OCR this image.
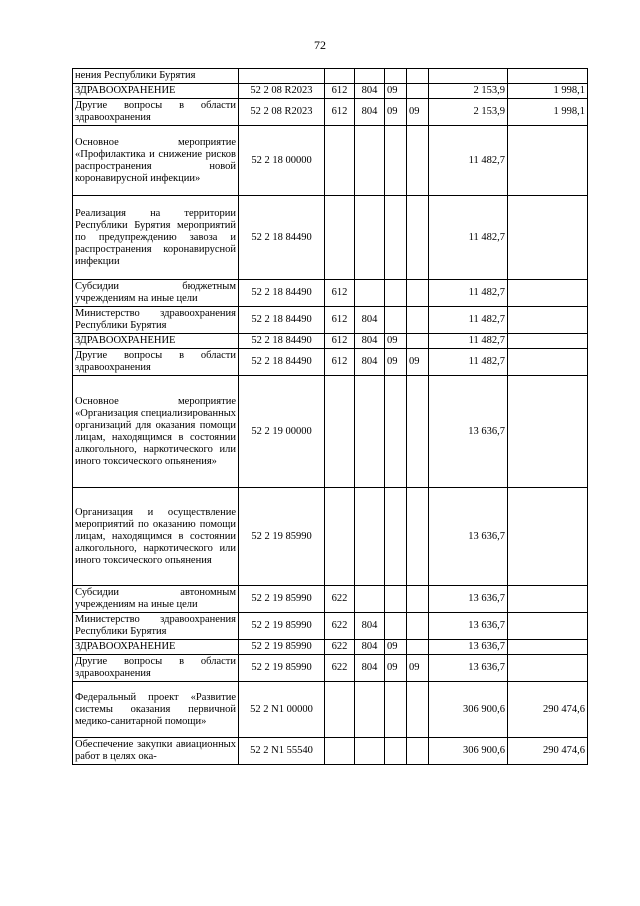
72
нения Республики Бурятия							
ЗДРАВООХРАНЕНИЕ	52 2 08 R2023	612	804	09		2 153,9	1 998,1
Другие вопросы в области здравоохранения	52 2 08 R2023	612	804	09	09	2 153,9	1 998,1
Основное мероприятие «Профилактика и снижение рисков распространения новой коронавирусной инфекции»	52 2 18 00000					11 482,7	
Реализация на территории Республики Бурятия мероприятий по предупреждению завоза и распространения коронавирусной инфекции	52 2 18 84490					11 482,7	
Субсидии бюджетным учреждениям на иные цели	52 2 18 84490	612				11 482,7	
Министерство здравоохранения Республики Бурятия	52 2 18 84490	612	804			11 482,7	
ЗДРАВООХРАНЕНИЕ	52 2 18 84490	612	804	09		11 482,7	
Другие вопросы в области здравоохранения	52 2 18 84490	612	804	09	09	11 482,7	
Основное мероприятие «Организация специализированных организаций для оказания помощи лицам, находящимся в состоянии алкогольного, наркотического или иного токсического опьянения»	52 2 19 00000					13 636,7	
Организация и осуществление мероприятий по оказанию помощи лицам, находящимся в состоянии алкогольного, наркотического или иного токсического опьянения	52 2 19 85990					13 636,7	
Субсидии автономным учреждениям на иные цели	52 2 19 85990	622				13 636,7	
Министерство здравоохранения Республики Бурятия	52 2 19 85990	622	804			13 636,7	
ЗДРАВООХРАНЕНИЕ	52 2 19 85990	622	804	09		13 636,7	
Другие вопросы в области здравоохранения	52 2 19 85990	622	804	09	09	13 636,7	
Федеральный проект «Развитие системы оказания первичной медико-санитарной помощи»	52 2 N1 00000					306 900,6	290 474,6
Обеспечение закупки авиационных работ в целях ока-	52 2 N1 55540					306 900,6	290 474,6
